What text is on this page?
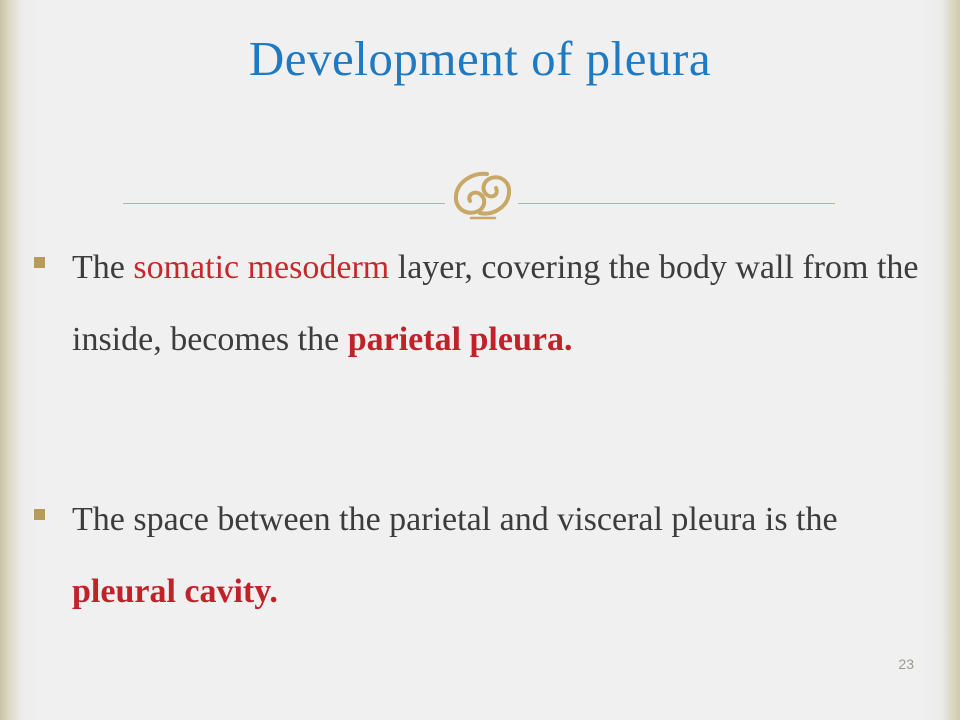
Development of pleura
The somatic mesoderm layer, covering the body wall from the inside, becomes the parietal pleura.
The space between the parietal and visceral pleura is the pleural cavity.
23
